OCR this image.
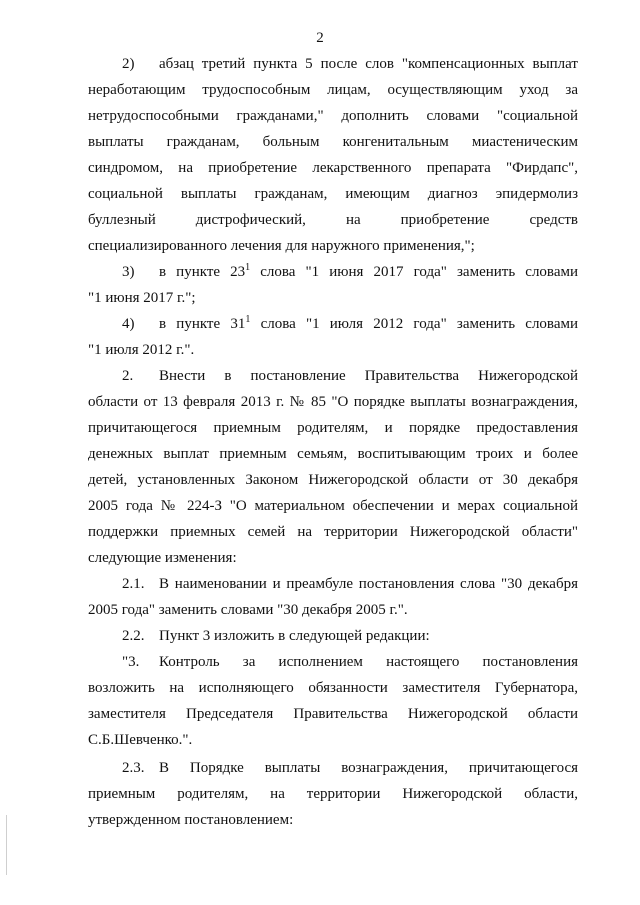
2
2) абзац третий пункта 5 после слов "компенсационных выплат
неработающим трудоспособным лицам, осуществляющим уход за
нетрудоспособными гражданами," дополнить словами "социальной
выплаты гражданам, больным конгенитальным миастеническим
синдромом, на приобретение лекарственного препарата "Фирдапс",
социальной выплаты гражданам, имеющим диагноз эпидермолиз
буллезный дистрофический, на приобретение средств
специализированного лечения для наружного применения,";
3) в пункте $23^1$ слова "1 июня 2017 года" заменить словами
"1 июня 2017 г.";
4) в пункте $31^1$ слова "1 июля 2012 года" заменить словами
"1 июля 2012 г.".
2. Внести в постановление Правительства Нижегородской
области от 13 февраля 2013 г. № 85 "О порядке выплаты вознаграждения,
причитающегося приемным родителям, и порядке предоставления
денежных выплат приемным семьям, воспитывающим троих и более
детей, установленных Законом Нижегородской области от 30 декабря
2005 года № 224-З "О материальном обеспечении и мерах социальной
поддержки приемных семей на территории Нижегородской области"
следующие изменения:
2.1. В наименовании и преамбуле постановления слова "30 декабря
2005 года" заменить словами "30 декабря 2005 г.".
2.2. Пункт 3 изложить в следующей редакции:
"3. Контроль за исполнением настоящего постановления
возложить на исполняющего обязанности заместителя Губернатора,
заместителя Председателя Правительства Нижегородской области
С.Б.Шевченко.".
2.3. В Порядке выплаты вознаграждения, причитающегося
приемным родителям, на территории Нижегородской области,
утвержденном постановлением:
